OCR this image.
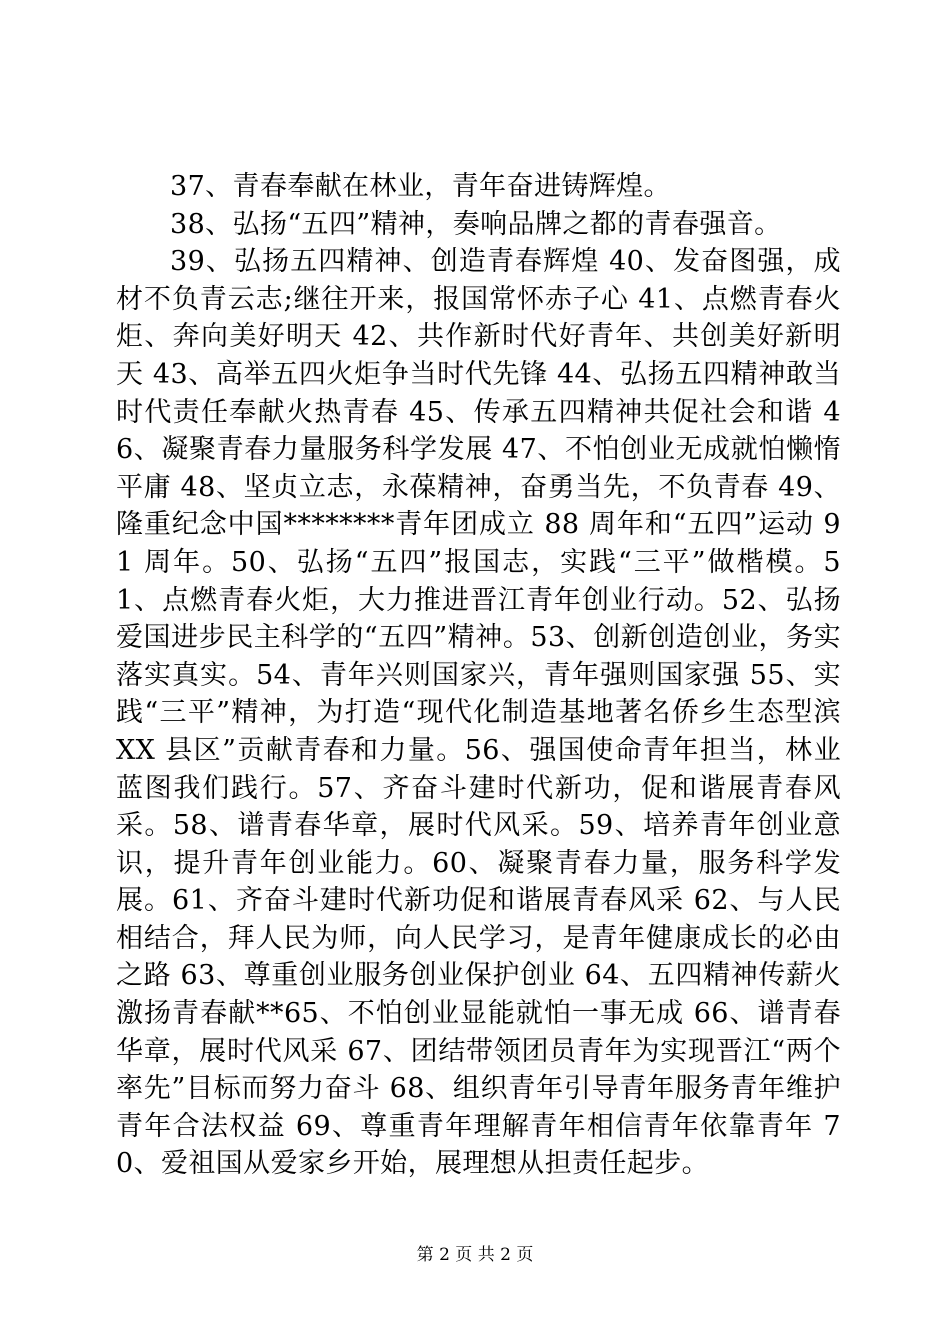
37、青春奉献在林业，青年奋进铸辉煌。

38、弘扬“五四”精神，奏响品牌之都的青春强音。

39、弘扬五四精神、创造青春辉煌 40、发奋图强，成材不负青云志;继往开来，报国常怀赤子心 41、点燃青春火炬、奔向美好明天 42、共作新时代好青年、共创美好新明天 43、高举五四火炬争当时代先锋 44、弘扬五四精神敢当时代责任奉献火热青春 45、传承五四精神共促社会和谐 46、凝聚青春力量服务科学发展 47、不怕创业无成就怕懒惰平庸 48、坚贞立志，永葆精神，奋勇当先，不负青春 49、隆重纪念中国********青年团成立 88 周年和“五四”运动 91 周年。50、弘扬“五四”报国志，实践“三平”做楷模。51、点燃青春火炬，大力推进晋江青年创业行动。52、弘扬爱国进步民主科学的“五四”精神。53、创新创造创业，务实落实真实。54、青年兴则国家兴，青年强则国家强 55、实践“三平”精神，为打造“现代化制造基地著名侨乡生态型滨 XX 县区”贡献青春和力量。56、强国使命青年担当，林业蓝图我们践行。57、齐奋斗建时代新功，促和谐展青春风采。58、谱青春华章，展时代风采。59、培养青年创业意识，提升青年创业能力。60、凝聚青春力量，服务科学发展。61、齐奋斗建时代新功促和谐展青春风采 62、与人民相结合，拜人民为师，向人民学习，是青年健康成长的必由之路 63、尊重创业服务创业保护创业 64、五四精神传薪火激扬青春献**65、不怕创业显能就怕一事无成 66、谱青春华章，展时代风采 67、团结带领团员青年为实现晋江“两个率先”目标而努力奋斗 68、组织青年引导青年服务青年维护青年合法权益 69、尊重青年理解青年相信青年依靠青年 70、爱祖国从爱家乡开始，展理想从担责任起步。

第 2 页 共 2 页
